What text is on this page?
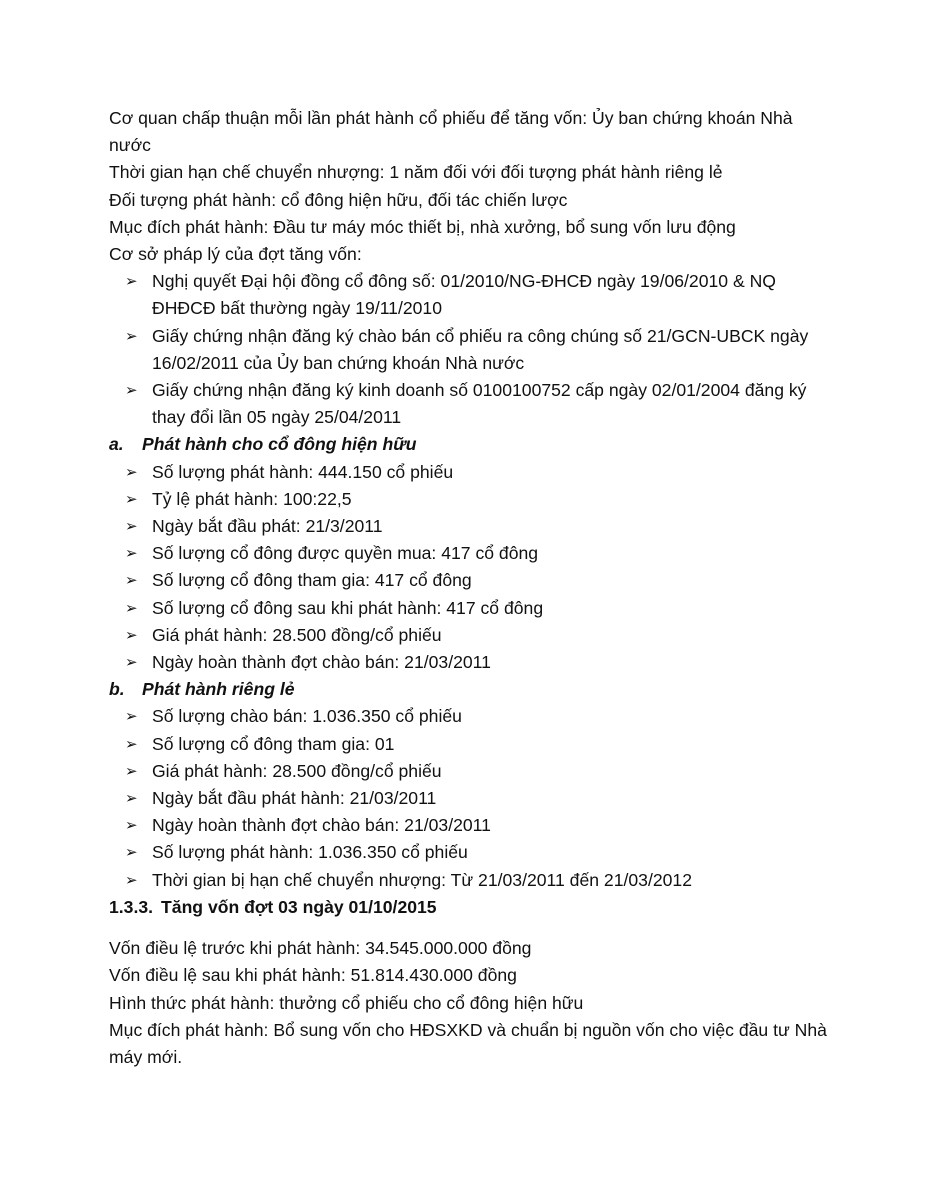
Cơ quan chấp thuận mỗi lần phát hành cổ phiếu để tăng vốn: Ủy ban chứng khoán Nhà nước

Thời gian hạn chế chuyển nhượng: 1 năm đối với đối tượng phát hành riêng lẻ

Đối tượng phát hành: cổ đông hiện hữu, đối tác chiến lược

Mục đích phát hành: Đầu tư máy móc thiết bị, nhà xưởng, bổ sung vốn lưu động

Cơ sở pháp lý của đợt tăng vốn:

➢ Nghị quyết Đại hội đồng cổ đông số: 01/2010/NG-ĐHCĐ ngày 19/06/2010 & NQ ĐHĐCĐ bất thường ngày 19/11/2010
➢ Giấy chứng nhận đăng ký chào bán cổ phiếu ra công chúng số 21/GCN-UBCK ngày 16/02/2011 của Ủy ban chứng khoán Nhà nước
➢ Giấy chứng nhận đăng ký kinh doanh số 0100100752 cấp ngày 02/01/2004 đăng ký thay đổi lần 05 ngày 25/04/2011
a.	Phát hành cho cổ đông hiện hữu
➢ Số lượng phát hành: 444.150 cổ phiếu
➢ Tỷ lệ phát hành: 100:22,5
➢ Ngày bắt đầu phát: 21/3/2011
➢ Số lượng cổ đông được quyền mua: 417 cổ đông
➢ Số lượng cổ đông tham gia: 417 cổ đông
➢ Số lượng cổ đông sau khi phát hành: 417 cổ đông
➢ Giá phát hành: 28.500 đồng/cổ phiếu
➢ Ngày hoàn thành đợt chào bán: 21/03/2011
b. Phát hành riêng lẻ
➢ Số lượng chào bán: 1.036.350 cổ phiếu
➢ Số lượng cổ đông tham gia: 01
➢ Giá phát hành: 28.500 đồng/cổ phiếu
➢ Ngày bắt đầu phát hành: 21/03/2011
➢ Ngày hoàn thành đợt chào bán: 21/03/2011
➢ Số lượng phát hành: 1.036.350 cổ phiếu
➢ Thời gian bị hạn chế chuyển nhượng: Từ 21/03/2011 đến 21/03/2012
1.3.3. Tăng vốn đợt 03 ngày 01/10/2015

Vốn điều lệ trước khi phát hành: 34.545.000.000 đồng

Vốn điều lệ sau khi phát hành: 51.814.430.000 đồng

Hình thức phát hành: thưởng cổ phiếu cho cổ đông hiện hữu

Mục đích phát hành: Bổ sung vốn cho HĐSXKD và chuẩn bị nguồn vốn cho việc đầu tư Nhà máy mới.
